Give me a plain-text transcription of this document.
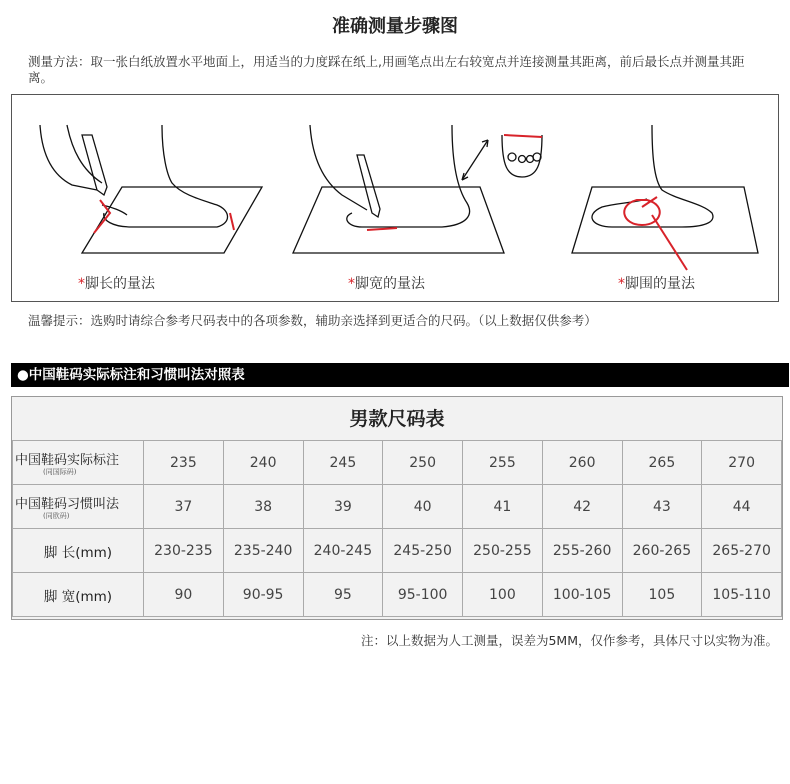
准确测量步骤图
测量方法：取一张白纸放置水平地面上，用适当的力度踩在纸上,用画笔点出左右较宽点并连接测量其距离，前后最长点并测量其距离。
*脚长的量法	*脚宽的量法	*脚围的量法
温馨提示：选购时请综合参考尺码表中的各项参数，辅助亲选择到更适合的尺码。（以上数据仅供参考）
●中国鞋码实际标注和习惯叫法对照表
男款尺码表
中国鞋码实际标注
(同国际码)	235	240	245	250	255	260	265	270
中国鞋码习惯叫法
(同欧码)	37	38	39	40	41	42	43	44
脚 长(mm)	230-235	235-240	240-245	245-250	250-255	255-260	260-265	265-270
脚 宽(mm)	90	90-95	95	95-100	100	100-105	105	105-110
注：以上数据为人工测量，误差为5MM，仅作参考，具体尺寸以实物为准。
